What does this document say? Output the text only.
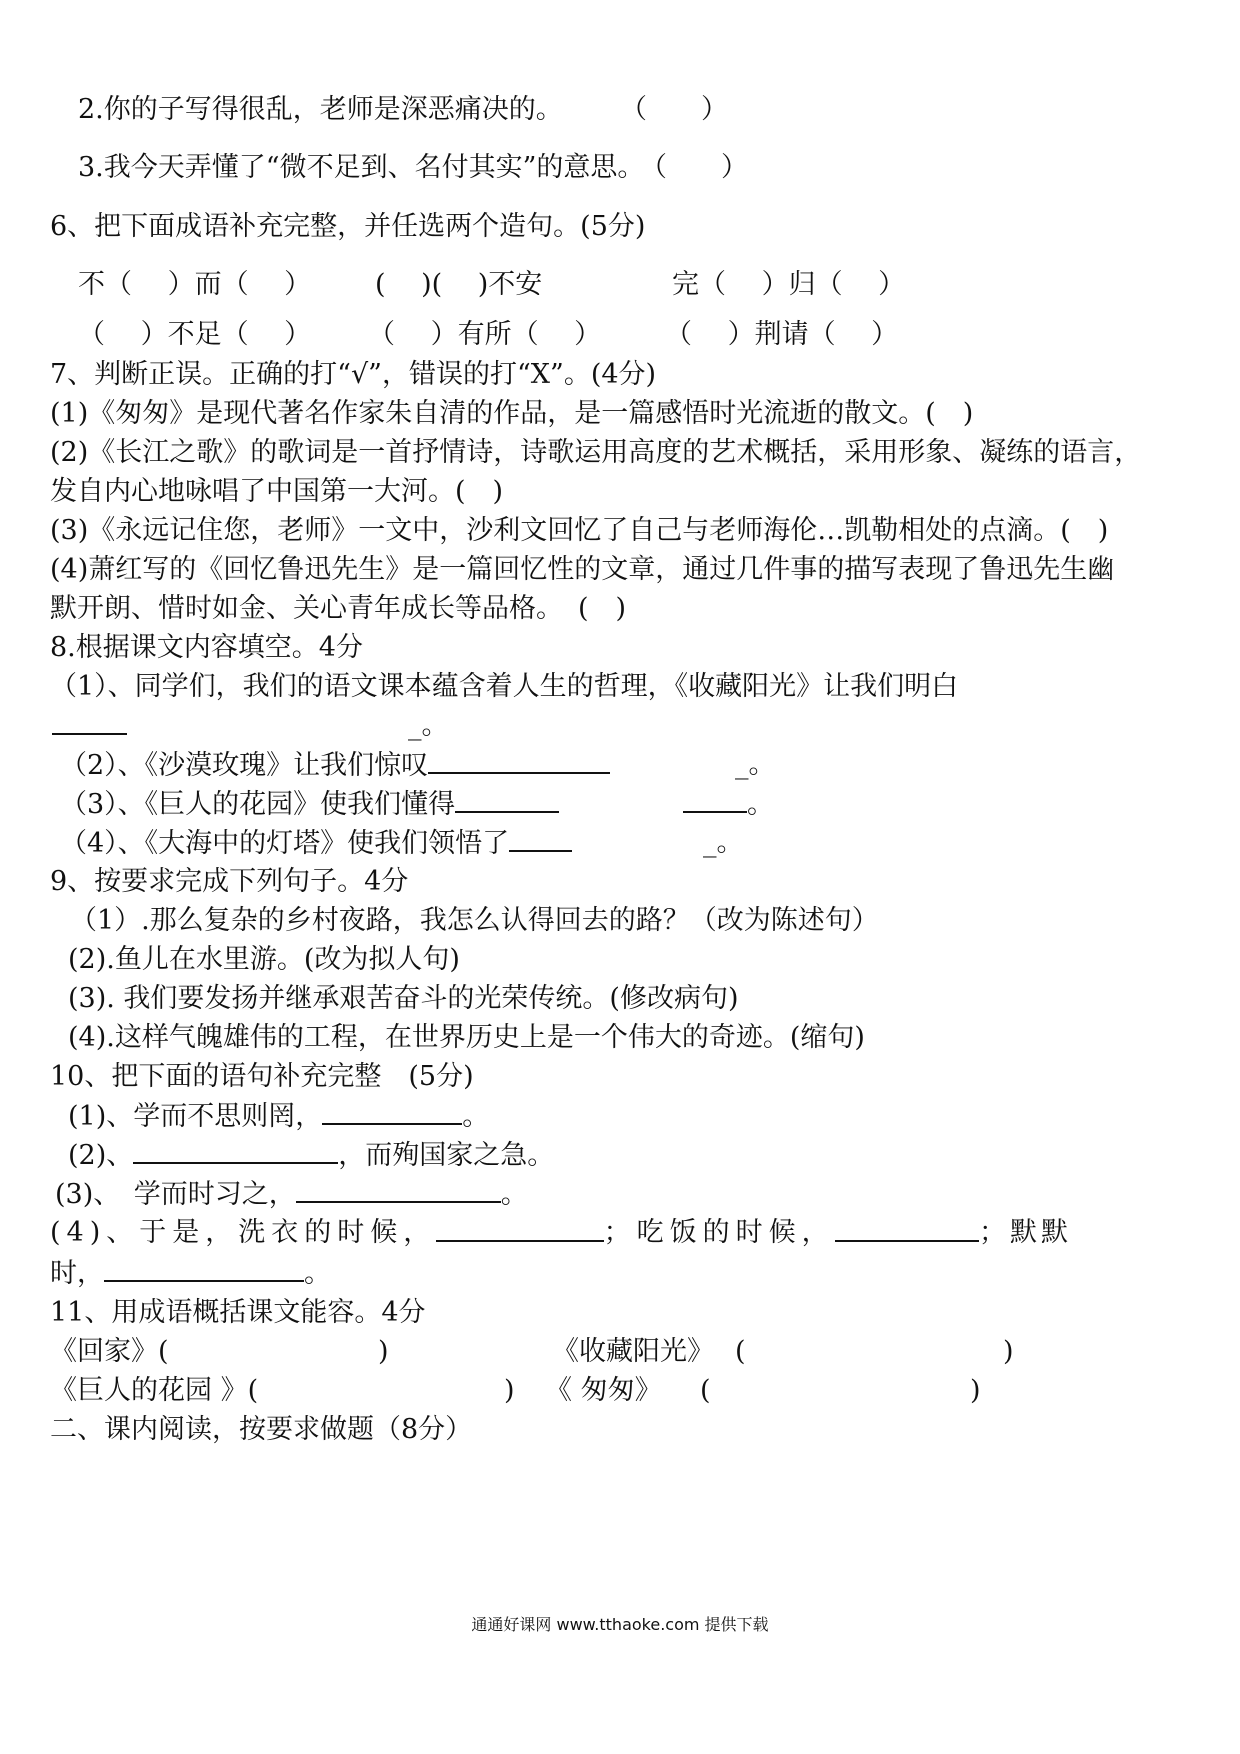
2.你的子写得很乱，老师是深恶痛决的。 （　　）
3.我今天弄懂了“微不足到、名付其实”的意思。
（　　）
6、把下面成语补充完整，并任选两个造句。(5分)
不（　 ）而（　 ） (　 )(　 )不安	完（　 ）归（　 ）
（　 ）不足（　 ） （　 ）有所（　 ） （　 ）荆请（　 ）
7、判断正误。正确的打“√”，错误的打“X”。(4分)
(1)《匆匆》是现代著名作家朱自清的作品，是一篇感悟时光流逝的散文。(　)
(2)《长江之歌》的歌词是一首抒情诗，诗歌运用高度的艺术概括，采用形象、凝练的语言，
发自内心地咏唱了中国第一大河。(　)
(3)《永远记住您，老师》一文中，沙利文回忆了自己与老师海伦…凯勒相处的点滴。(　)
(4)萧红写的《回忆鲁迅先生》是一篇回忆性的文章，通过几件事的描写表现了鲁迅先生幽
默开朗、惜时如金、关心青年成长等品格。 (　)
8.根据课文内容填空。4分
（1）、同学们，我们的语文课本蕴含着人生的哲理，《收藏阳光》让我们明白
_。
（2）、《沙漠玫瑰》让我们惊叹	_。
（3）、《巨人的花园》使我们懂得	。
（4）、《大海中的灯塔》使我们领悟了	_。
9、按要求完成下列句子。4分
（1）.那么复杂的乡村夜路，我怎么认得回去的路？（改为陈述句）
(2).鱼儿在水里游。(改为拟人句)
(3). 我们要发扬并继承艰苦奋斗的光荣传统。(修改病句)
(4).这样气魄雄伟的工程，在世界历史上是一个伟大的奇迹。(缩句)
10、把下面的语句补充完整　(5分)
(1)、学而不思则罔，	。
(2)、	，而殉国家之急。
(3)、　学而时习之，	。
(4)、于是，洗衣的时候，	；吃饭的时候，	；默默
时，	。
11、用成语概括课文能容。4分
《回家》(	)	《收藏阳光》 (	)
《巨人的花园 》(	) 《 匆匆》 (	)
二、课内阅读，按要求做题（8分）
通通好课网 www.tthaoke.com 提供下载
